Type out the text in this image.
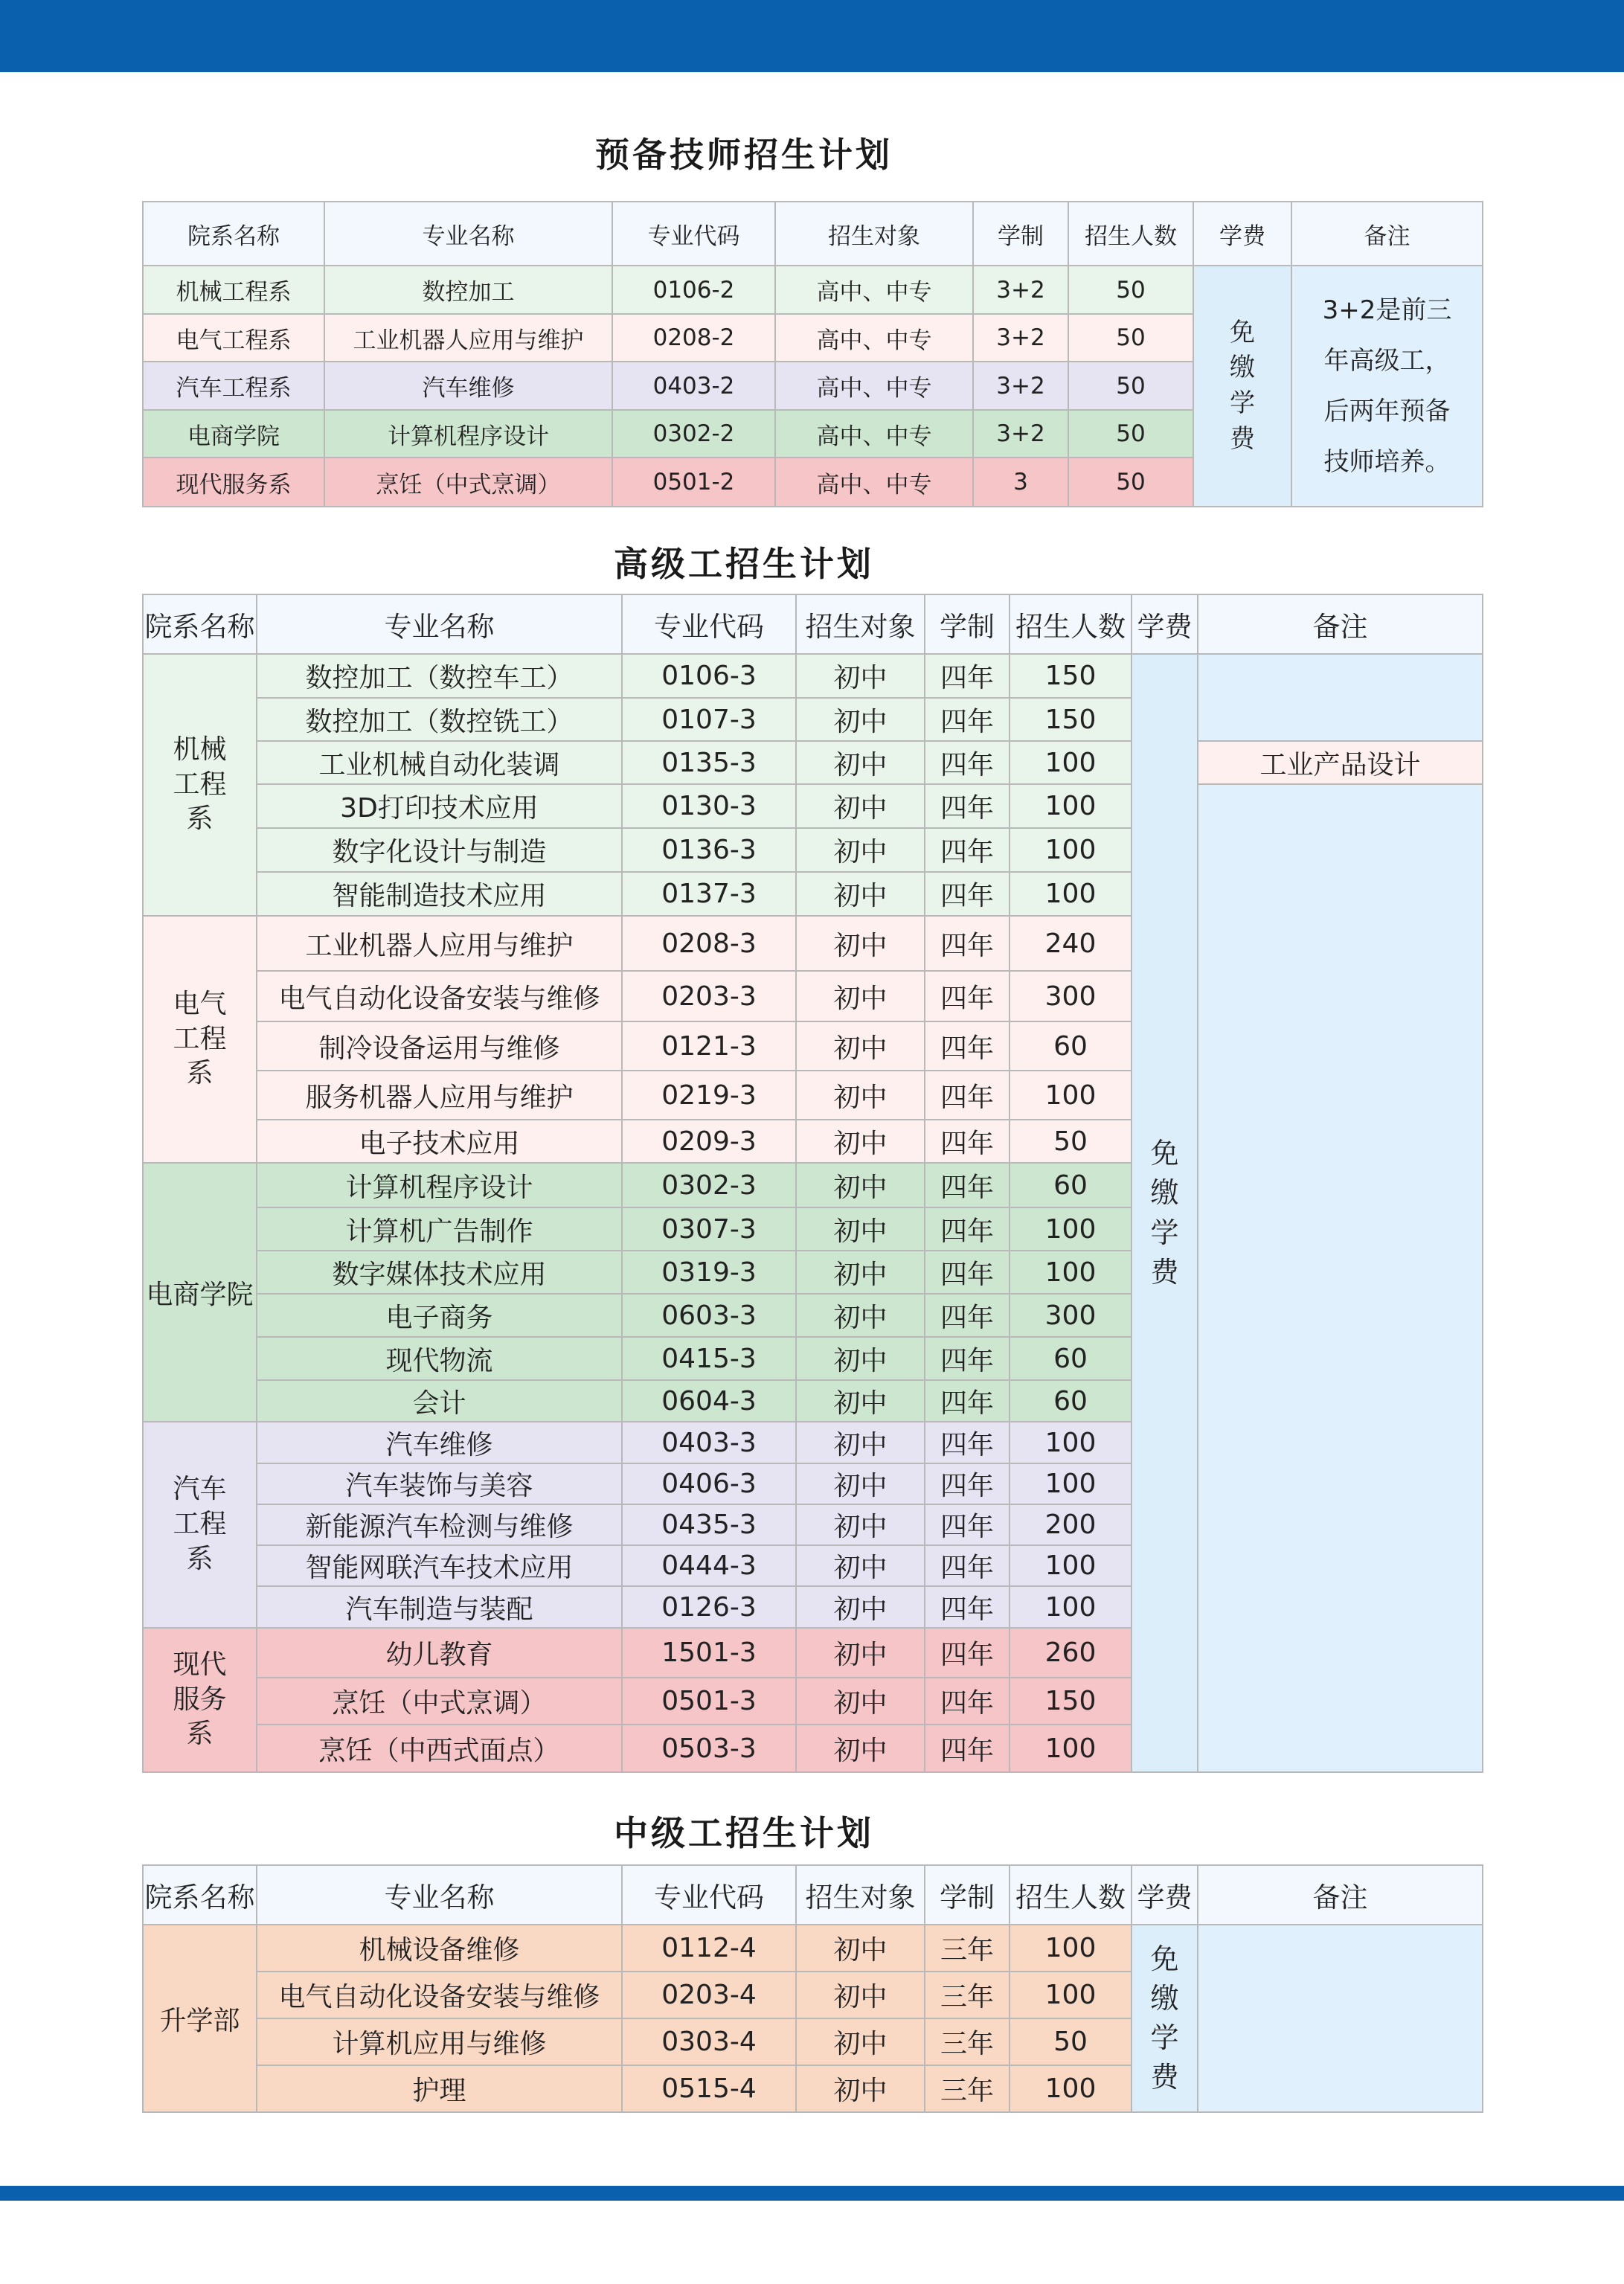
预备技师招生计划
院系名称	专业名称	专业代码	招生对象	学制	招生人数	学费	备注
机械工程系	数控加工	0106-2	高中、中专	3+2	50	免缴学费	3+2是前三年高级工，后两年预备技师培养。

电气工程系	工业机器人应用与维护	0208-2	高中、中专	3+2	50		
汽车工程系	汽车维修	0403-2	高中、中专	3+2	50		
电商学院	计算机程序设计	0302-2	高中、中专	3+2	50		
现代服务系	烹饪（中式烹调）	0501-2	高中、中专	3	50		
高级工招生计划
院系名称	专业名称	专业代码	招生对象	学制	招生人数	学费	备注

机械工程系	数控加工（数控车工）	0106-3	初中	四年	150	免缴学费	

	数控加工（数控铣工）	0107-3	初中	四年	150		
	工业机械自动化装调	0135-3	初中	四年	100		工业产品设计
	3D打印技术应用	0130-3	初中	四年	100		
	数字化设计与制造	0136-3	初中	四年	100		
	智能制造技术应用	0137-3	初中	四年	100		

电气工程系	工业机器人应用与维护	0208-3	初中	四年	240		
	电气自动化设备安装与维修	0203-3	初中	四年	300		
	制冷设备运用与维修	0121-3	初中	四年	60		
	服务机器人应用与维护	0219-3	初中	四年	100		
	电子技术应用	0209-3	初中	四年	50		
电商学院	计算机程序设计	0302-3	初中	四年	60		
	计算机广告制作	0307-3	初中	四年	100		
	数字媒体技术应用	0319-3	初中	四年	100		
	电子商务	0603-3	初中	四年	300		
	现代物流	0415-3	初中	四年	60		
	会计	0604-3	初中	四年	60		

汽车工程系	汽车维修	0403-3	初中	四年	100		
	汽车装饰与美容	0406-3	初中	四年	100		
	新能源汽车检测与维修	0435-3	初中	四年	200		
	智能网联汽车技术应用	0444-3	初中	四年	100		
	汽车制造与装配	0126-3	初中	四年	100		

现代服务系	幼儿教育	1501-3	初中	四年	260		
	烹饪（中式烹调）	0501-3	初中	四年	150		
	烹饪（中西式面点）	0503-3	初中	四年	100		
中级工招生计划
院系名称	专业名称	专业代码	招生对象	学制	招生人数	学费	备注
升学部	机械设备维修	0112-4	初中	三年	100	免缴学费	

	电气自动化设备安装与维修	0203-4	初中	三年	100		
	计算机应用与维修	0303-4	初中	三年	50		
	护理	0515-4	初中	三年	100		
